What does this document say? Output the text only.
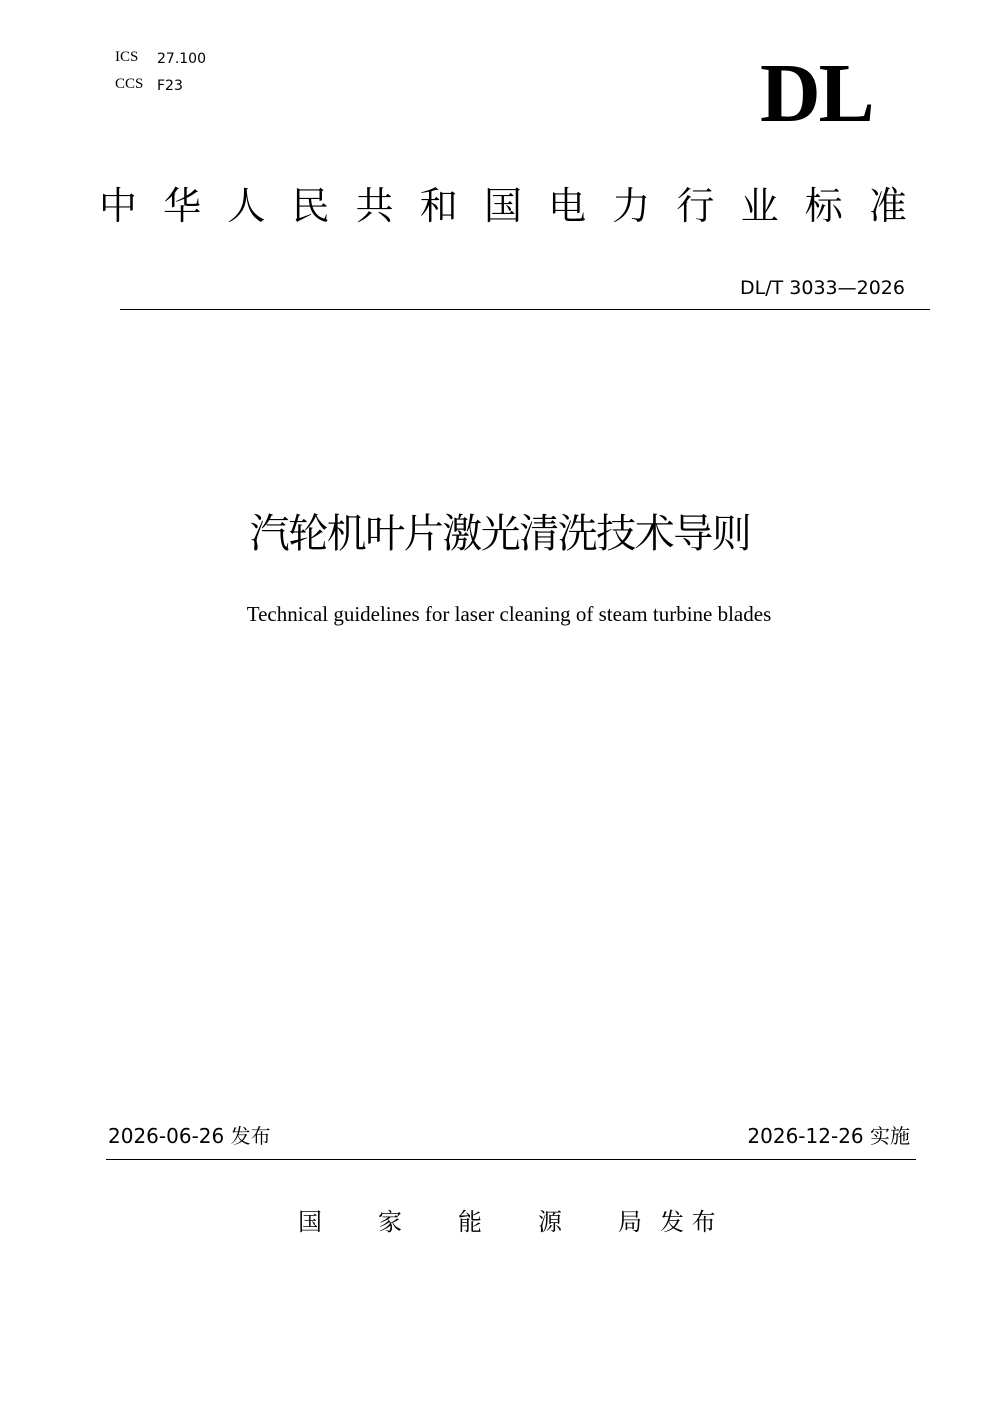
ICS 27.100
CCS F23	DL
中 华 人 民 共 和 国 电 力 行 业 标 准
DL/T 3033—2026
汽轮机叶片激光清洗技术导则
Technical guidelines for laser cleaning of steam turbine blades
2026-06-26 发布	2026-12-26 实施
国 家 能 源 局 发 布
